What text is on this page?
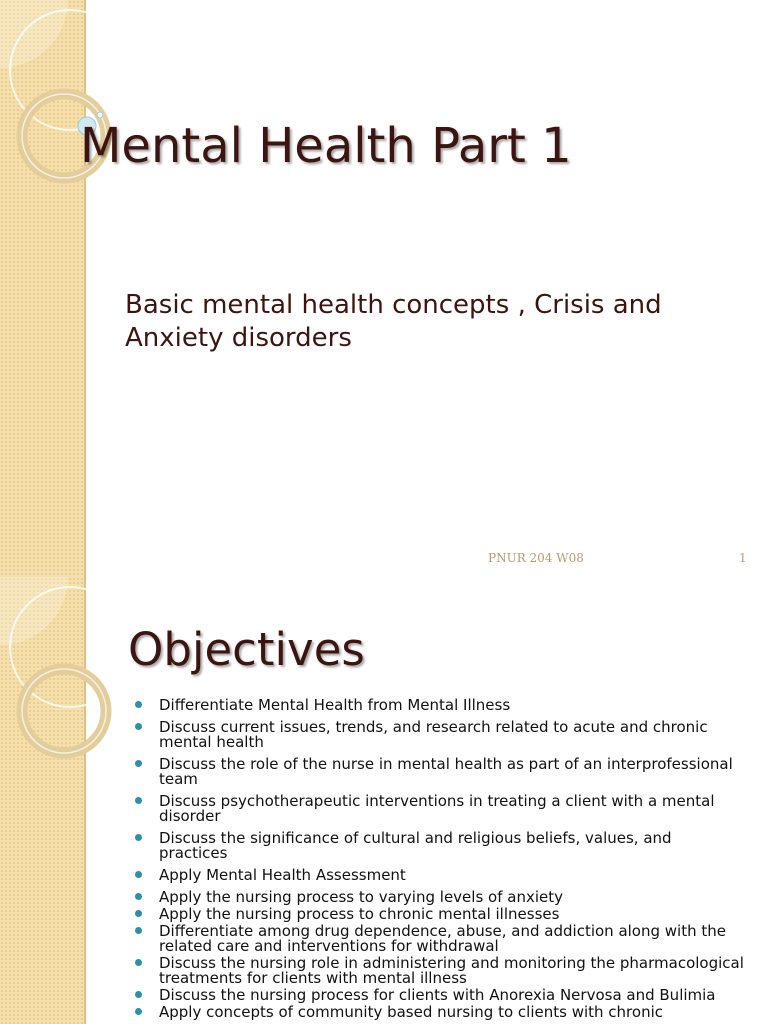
Mental Health Part 1
Basic mental health concepts , Crisis and Anxiety disorders
PNUR 204 W08	1
Objectives
Differentiate Mental Health from Mental Illness
Discuss current issues, trends, and research related to acute and chronic mental health
Discuss the role of the nurse in mental health as part of an interprofessional team
Discuss psychotherapeutic interventions in treating a client with a mental disorder
Discuss the significance of cultural and religious beliefs, values, and practices
Apply Mental Health Assessment
Apply the nursing process to varying levels of anxiety
Apply the nursing process to chronic mental illnesses
Differentiate among drug dependence, abuse, and addiction along with the related care and interventions for withdrawal
Discuss the nursing role in administering and monitoring the pharmacological treatments for clients with mental illness
Discuss the nursing process for clients with Anorexia Nervosa and Bulimia
Apply concepts of community based nursing to clients with chronic
